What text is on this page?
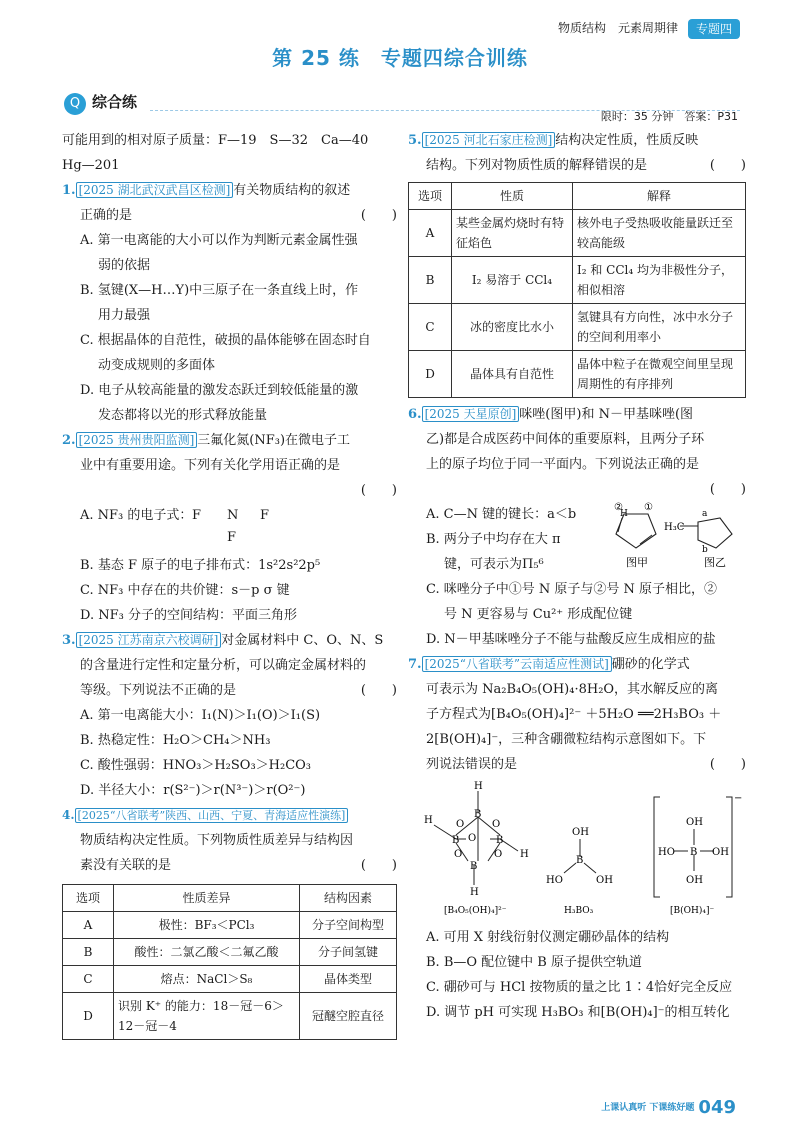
物质结构　元素周期律	专题四
第 25 练　专题四综合训练
Q 综合练
限时：35 分钟　答案：P31
可能用到的相对原子质量：F—19　S—32　Ca—40
Hg—201
1. [2025 湖北武汉武昌区检测] 有关物质结构的叙述
正确的是	(　　)
A. 第一电离能的大小可以作为判断元素金属性强
弱的依据
B. 氢键(X—H…Y)中三原子在一条直线上时，作
用力最强
C. 根据晶体的自范性，破损的晶体能够在固态时自
动变成规则的多面体
D. 电子从较高能量的激发态跃迁到较低能量的激
发态都将以光的形式释放能量
2. [2025 贵州贵阳监测] 三氟化氮(NF₃)在微电子工
业中有重要用途。下列有关化学用语正确的是
(　　)
A. NF₃ 的电子式： F N F
F
B. 基态 F 原子的电子排布式：1s²2s²2p⁵
C. NF₃ 中存在的共价键：s－p σ 键
D. NF₃ 分子的空间结构：平面三角形
3. [2025 江苏南京六校调研] 对金属材料中 C、O、N、S
的含量进行定性和定量分析，可以确定金属材料的
等级。下列说法不正确的是	(　　)
A. 第一电离能大小：I₁(N)＞I₁(O)＞I₁(S)
B. 热稳定性：H₂O＞CH₄＞NH₃
C. 酸性强弱：HNO₃＞H₂SO₃＞H₂CO₃
D. 半径大小：r(S²⁻)＞r(N³⁻)＞r(O²⁻)
4. [2025“八省联考”陕西、山西、宁夏、青海适应性演练]
物质结构决定性质。下列物质性质差异与结构因
素没有关联的是	(　　)
选项	性质差异	结构因素
A	极性：BF₃＜PCl₃	分子空间构型
B	酸性：二氯乙酸＜二氟乙酸	分子间氢键
C	熔点：NaCl＞S₈	晶体类型
D	识别 K⁺ 的能力：18－冠－6＞12－冠－4	冠醚空腔直径
5. [2025 河北石家庄检测] 结构决定性质，性质反映
结构。下列对物质性质的解释错误的是	(　　)
选项	性质	解释
A	某些金属灼烧时有特征焰色	核外电子受热吸收能量跃迁至较高能级
B	I₂ 易溶于 CCl₄	I₂ 和 CCl₄ 均为非极性分子，相似相溶
C	冰的密度比水小	氢键具有方向性，冰中水分子的空间利用率小
D	晶体具有自范性	晶体中粒子在微观空间里呈现周期性的有序排列
6. [2025 天星原创] 咪唑(图甲)和 N－甲基咪唑(图
乙)都是合成医药中间体的重要原料，且两分子环
上的原子均位于同一平面内。下列说法正确的是
(　　)
A. C—N 键的键长：a＜b
B. 两分子中均存在大 π
键，可表示为Π₅⁶
② ①
H
图甲
H₃C
a
b
图乙
C. 咪唑分子中①号 N 原子与②号 N 原子相比，②
号 N 更容易与 Cu²⁺ 形成配位键
D. N－甲基咪唑分子不能与盐酸反应生成相应的盐
7. [2025“八省联考”云南适应性测试] 硼砂的化学式
可表示为 Na₂B₄O₅(OH)₄·8H₂O，其水解反应的离
子方程式为[B₄O₅(OH)₄]²⁻ ＋5H₂O ══2H₃BO₃ ＋
2[B(OH)₄]⁻，三种含硼微粒结构示意图如下。下
列说法错误的是	(　　)
H
B
B	B
B
O	O
O
O	O
H
H
H
[B₄O₅(OH)₄]²⁻
OH
B
HO	OH
H₃BO₃
OH
B
HO	OH
OH
−
[B(OH)₄]⁻
A. 可用 X 射线衍射仪测定硼砂晶体的结构
B. B—O 配位键中 B 原子提供空轨道
C. 硼砂可与 HCl 按物质的量之比 1∶4恰好完全反应
D. 调节 pH 可实现 H₃BO₃ 和[B(OH)₄]⁻的相互转化
上课认真听 下课练好题 049
